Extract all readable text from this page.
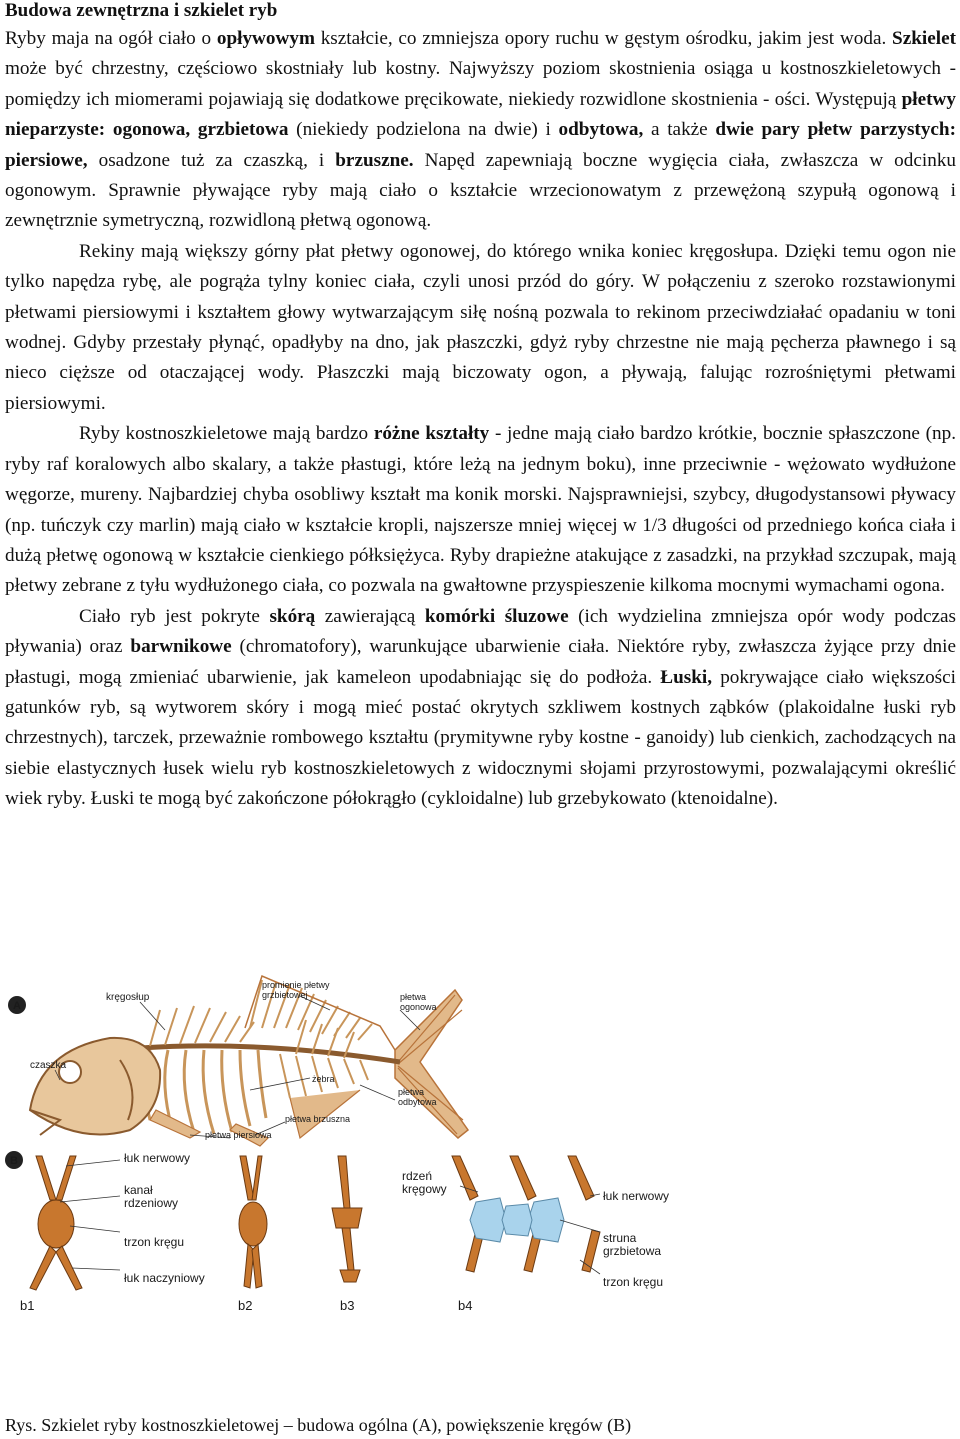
Budowa zewnętrzna i szkielet ryb

Ryby maja na ogół ciało o opływowym kształcie, co zmniejsza opory ruchu w gęstym ośrodku, jakim jest woda. Szkielet może być chrzestny, częściowo skostniały lub kostny. Najwyższy poziom skostnienia osiąga u kostnoszkieletowych - pomiędzy ich miomerami pojawiają się dodatkowe pręcikowate, niekiedy rozwidlone skostnienia - ości. Występują płetwy nieparzyste: ogonowa, grzbietowa (niekiedy podzielona na dwie) i odbytowa, a także dwie pary płetw parzystych: piersiowe, osadzone tuż za czaszką, i brzuszne. Napęd zapewniają boczne wygięcia ciała, zwłaszcza w odcinku ogonowym. Sprawnie pływające ryby mają ciało o kształcie wrzecionowatym z przewężoną szypułą ogonową i zewnętrznie symetryczną, rozwidloną płetwą ogonową.

Rekiny mają większy górny płat płetwy ogonowej, do którego wnika koniec kręgosłupa. Dzięki temu ogon nie tylko napędza rybę, ale pogrąża tylny koniec ciała, czyli unosi przód do góry. W połączeniu z szeroko rozstawionymi płetwami piersiowymi i kształtem głowy wytwarzającym siłę nośną pozwala to rekinom przeciwdziałać opadaniu w toni wodnej. Gdyby przestały płynąć, opadłyby na dno, jak płaszczki, gdyż ryby chrzestne nie mają pęcherza pławnego i są nieco cięższe od otaczającej wody. Płaszczki mają biczowaty ogon, a pływają, falując rozrośniętymi płetwami piersiowymi.

Ryby kostnoszkieletowe mają bardzo różne kształty - jedne mają ciało bardzo krótkie, bocznie spłaszczone (np. ryby raf koralowych albo skalary, a także płastugi, które leżą na jednym boku), inne przeciwnie - wężowato wydłużone węgorze, mureny. Najbardziej chyba osobliwy kształt ma konik morski. Najsprawniejsi, szybcy, długodystansowi pływacy (np. tuńczyk czy marlin) mają ciało w kształcie kropli, najszersze mniej więcej w 1/3 długości od przedniego końca ciała i dużą płetwę ogonową w kształcie cienkiego półksiężyca. Ryby drapieżne atakujące z zasadzki, na przykład szczupak, mają płetwy zebrane z tyłu wydłużonego ciała, co pozwala na gwałtowne przyspieszenie kilkoma mocnymi wymachami ogona.

Ciało ryb jest pokryte skórą zawierającą komórki śluzowe (ich wydzielina zmniejsza opór wody podczas pływania) oraz barwnikowe (chromatofory), warunkujące ubarwienie ciała. Niektóre ryby, zwłaszcza żyjące przy dnie płastugi, mogą zmieniać ubarwienie, jak kameleon upodabniając się do podłoża. Łuski, pokrywające ciało większości gatunków ryb, są wytworem skóry i mogą mieć postać okrytych szkliwem kostnych ząbków (plakoidalne łuski ryb chrzestnych), tarczek, przeważnie rombowego kształtu (prymitywne ryby kostne - ganoidy) lub cienkich, zachodzących na siebie elastycznych łusek wielu ryb kostnoszkieletowych z widocznymi słojami przyrostowymi, pozwalającymi określić wiek ryby. Łuski te mogą być zakończone półokrągło (cykloidalne) lub grzebykowato (ktenoidalne).

A
kręgosłup
czaszka
promienie płetwy grzbietowej	płetwa ogonowa
płetwa odbytowa
żebra
płetwa brzuszna
płetwa piersiowa
B	łuk nerwowy
kanał rdzeniowy
trzon kręgu
łuk naczyniowy
rdzeń kręgowy	łuk nerwowy
struna grzbietowa
trzon kręgu
b1	b2	b3	b4
Rys. Szkielet ryby kostnoszkieletowej – budowa ogólna (A), powiększenie kręgów (B)
